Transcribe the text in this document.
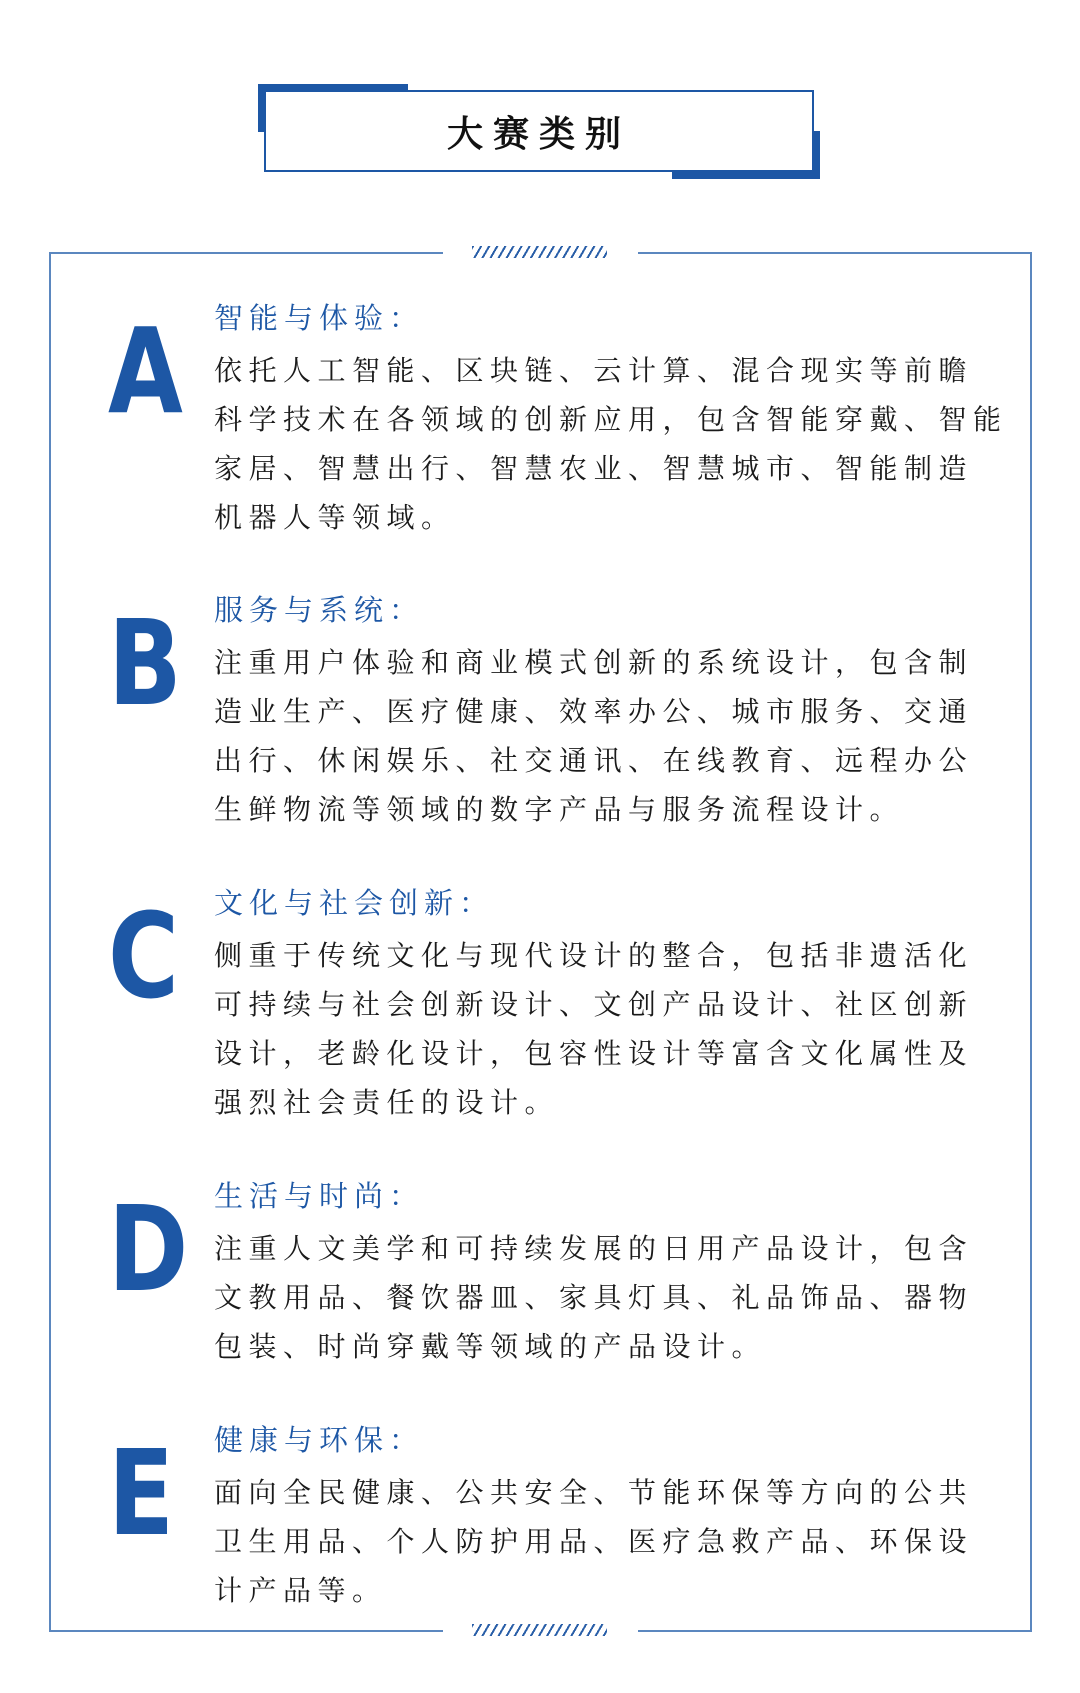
大赛类别
A 智能与体验：
依托人工智能、区块链、云计算、混合现实等前瞻
科学技术在各领域的创新应用，包含智能穿戴、智能
家居、智慧出行、智慧农业、智慧城市、智能制造
机器人等领域。
B 服务与系统：
注重用户体验和商业模式创新的系统设计，包含制
造业生产、医疗健康、效率办公、城市服务、交通
出行、休闲娱乐、社交通讯、在线教育、远程办公
生鲜物流等领域的数字产品与服务流程设计。
C 文化与社会创新：
侧重于传统文化与现代设计的整合，包括非遗活化
可持续与社会创新设计、文创产品设计、社区创新
设计，老龄化设计，包容性设计等富含文化属性及
强烈社会责任的设计。
D 生活与时尚：
注重人文美学和可持续发展的日用产品设计，包含
文教用品、餐饮器皿、家具灯具、礼品饰品、器物
包装、时尚穿戴等领域的产品设计。
E 健康与环保：
面向全民健康、公共安全、节能环保等方向的公共
卫生用品、个人防护用品、医疗急救产品、环保设
计产品等。
